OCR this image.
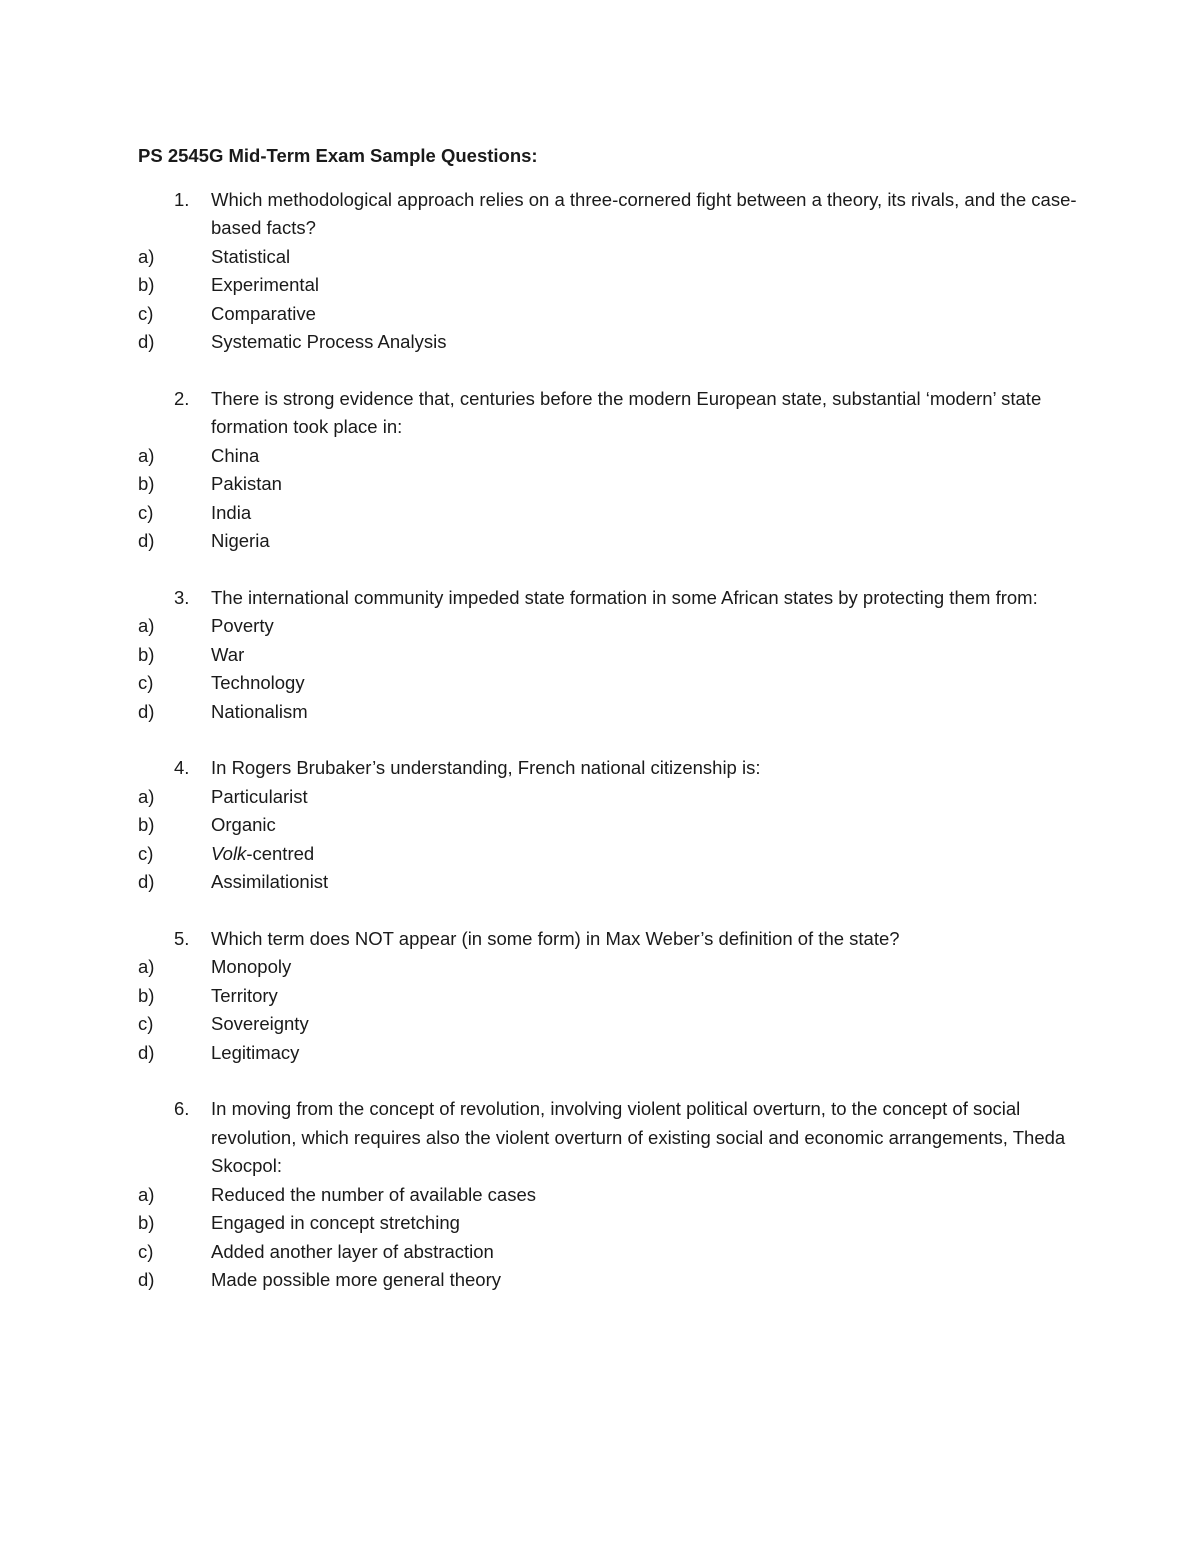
PS 2545G Mid-Term Exam Sample Questions:
1.	Which methodological approach relies on a three-cornered fight between a theory, its rivals, and the case-based facts?
a)	Statistical
b)	Experimental
c)	Comparative
d)	Systematic Process Analysis
2.	There is strong evidence that, centuries before the modern European state, substantial ‘modern’ state formation took place in:
a)	China
b)	Pakistan
c)	India
d)	Nigeria
3.	The international community impeded state formation in some African states by protecting them from:
a)	Poverty
b)	War
c)	Technology
d)	Nationalism
4.	In Rogers Brubaker’s understanding, French national citizenship is:
a)	Particularist
b)	Organic
c)	Volk-centred
d)	Assimilationist
5.	Which term does NOT appear (in some form) in Max Weber’s definition of the state?
a)	Monopoly
b)	Territory
c)	Sovereignty
d)	Legitimacy
6.	In moving from the concept of revolution, involving violent political overturn, to the concept of social revolution, which requires also the violent overturn of existing social and economic arrangements, Theda Skocpol:
a)	Reduced the number of available cases
b)	Engaged in concept stretching
c)	Added another layer of abstraction
d)	Made possible more general theory
